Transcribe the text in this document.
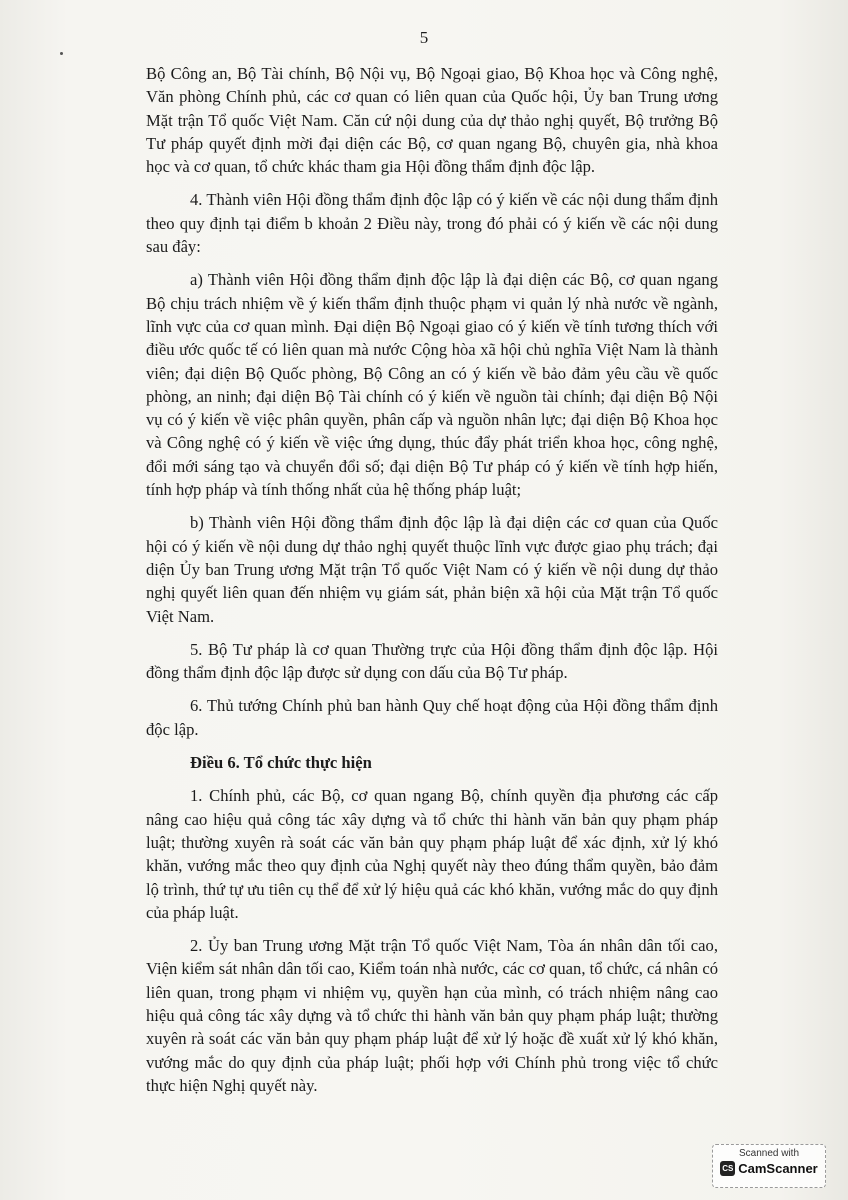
5

Bộ Công an, Bộ Tài chính, Bộ Nội vụ, Bộ Ngoại giao, Bộ Khoa học và Công nghệ, Văn phòng Chính phủ, các cơ quan có liên quan của Quốc hội, Ủy ban Trung ương Mặt trận Tổ quốc Việt Nam. Căn cứ nội dung của dự thảo nghị quyết, Bộ trưởng Bộ Tư pháp quyết định mời đại diện các Bộ, cơ quan ngang Bộ, chuyên gia, nhà khoa học và cơ quan, tổ chức khác tham gia Hội đồng thẩm định độc lập.

4. Thành viên Hội đồng thẩm định độc lập có ý kiến về các nội dung thẩm định theo quy định tại điểm b khoản 2 Điều này, trong đó phải có ý kiến về các nội dung sau đây:

a) Thành viên Hội đồng thẩm định độc lập là đại diện các Bộ, cơ quan ngang Bộ chịu trách nhiệm về ý kiến thẩm định thuộc phạm vi quản lý nhà nước về ngành, lĩnh vực của cơ quan mình. Đại diện Bộ Ngoại giao có ý kiến về tính tương thích với điều ước quốc tế có liên quan mà nước Cộng hòa xã hội chủ nghĩa Việt Nam là thành viên; đại diện Bộ Quốc phòng, Bộ Công an có ý kiến về bảo đảm yêu cầu về quốc phòng, an ninh; đại diện Bộ Tài chính có ý kiến về nguồn tài chính; đại diện Bộ Nội vụ có ý kiến về việc phân quyền, phân cấp và nguồn nhân lực; đại diện Bộ Khoa học và Công nghệ có ý kiến về việc ứng dụng, thúc đẩy phát triển khoa học, công nghệ, đổi mới sáng tạo và chuyển đổi số; đại diện Bộ Tư pháp có ý kiến về tính hợp hiến, tính hợp pháp và tính thống nhất của hệ thống pháp luật;

b) Thành viên Hội đồng thẩm định độc lập là đại diện các cơ quan của Quốc hội có ý kiến về nội dung dự thảo nghị quyết thuộc lĩnh vực được giao phụ trách; đại diện Ủy ban Trung ương Mặt trận Tổ quốc Việt Nam có ý kiến về nội dung dự thảo nghị quyết liên quan đến nhiệm vụ giám sát, phản biện xã hội của Mặt trận Tổ quốc Việt Nam.

5. Bộ Tư pháp là cơ quan Thường trực của Hội đồng thẩm định độc lập. Hội đồng thẩm định độc lập được sử dụng con dấu của Bộ Tư pháp.

6. Thủ tướng Chính phủ ban hành Quy chế hoạt động của Hội đồng thẩm định độc lập.

Điều 6. Tổ chức thực hiện

1. Chính phủ, các Bộ, cơ quan ngang Bộ, chính quyền địa phương các cấp nâng cao hiệu quả công tác xây dựng và tổ chức thi hành văn bản quy phạm pháp luật; thường xuyên rà soát các văn bản quy phạm pháp luật để xác định, xử lý khó khăn, vướng mắc theo quy định của Nghị quyết này theo đúng thẩm quyền, bảo đảm lộ trình, thứ tự ưu tiên cụ thể để xử lý hiệu quả các khó khăn, vướng mắc do quy định của pháp luật.

2. Ủy ban Trung ương Mặt trận Tổ quốc Việt Nam, Tòa án nhân dân tối cao, Viện kiểm sát nhân dân tối cao, Kiểm toán nhà nước, các cơ quan, tổ chức, cá nhân có liên quan, trong phạm vi nhiệm vụ, quyền hạn của mình, có trách nhiệm nâng cao hiệu quả công tác xây dựng và tổ chức thi hành văn bản quy phạm pháp luật; thường xuyên rà soát các văn bản quy phạm pháp luật để xử lý hoặc đề xuất xử lý khó khăn, vướng mắc do quy định của pháp luật; phối hợp với Chính phủ trong việc tổ chức thực hiện Nghị quyết này.

Scanned with
CS CamScanner
